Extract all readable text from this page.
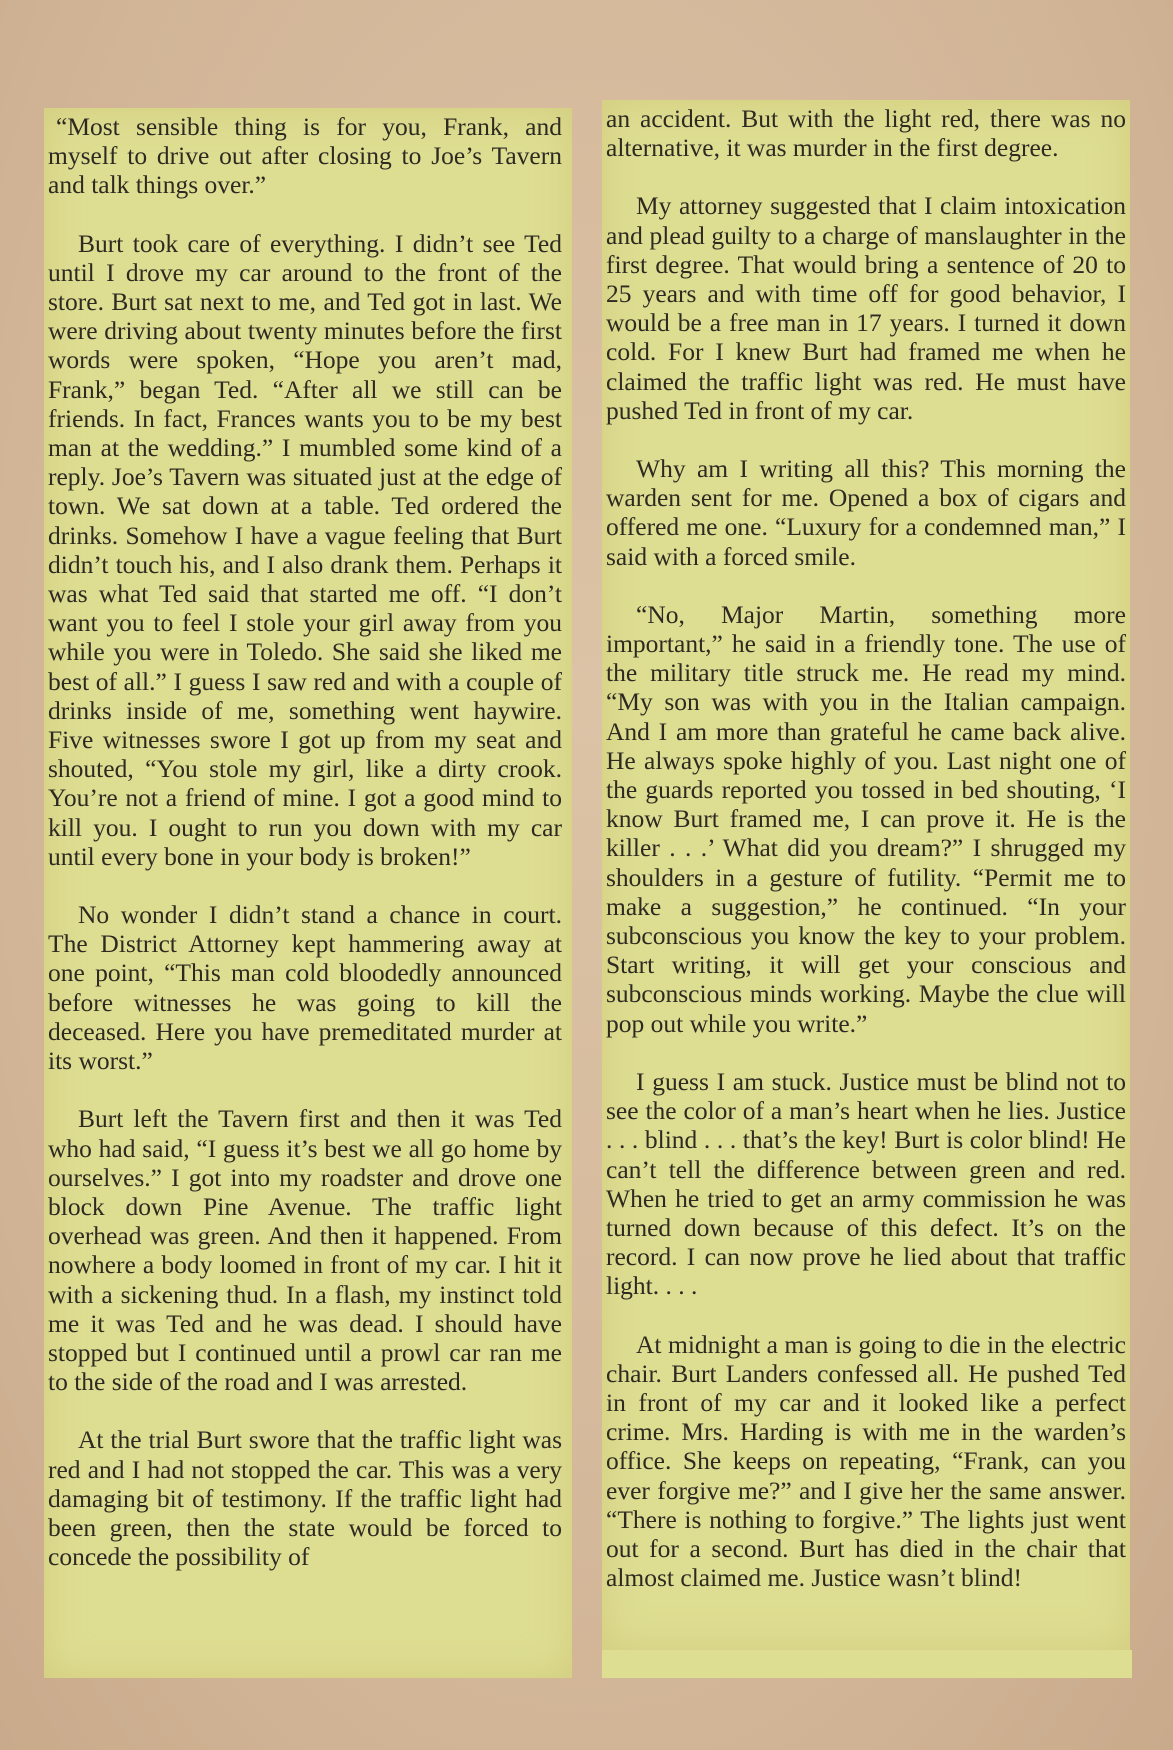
“Most sensible thing is for you, Frank, and myself to drive out after closing to Joe’s Tavern and talk things over.”

Burt took care of everything. I didn’t see Ted until I drove my car around to the front of the store. Burt sat next to me, and Ted got in last. We were driving about twenty minutes before the first words were spoken, “Hope you aren’t mad, Frank,” began Ted. “After all we still can be friends. In fact, Frances wants you to be my best man at the wedding.” I mumbled some kind of a reply. Joe’s Tavern was situated just at the edge of town. We sat down at a table. Ted ordered the drinks. Somehow I have a vague feeling that Burt didn’t touch his, and I also drank them. Perhaps it was what Ted said that started me off. “I don’t want you to feel I stole your girl away from you while you were in Toledo. She said she liked me best of all.” I guess I saw red and with a couple of drinks inside of me, something went haywire. Five witnesses swore I got up from my seat and shouted, “You stole my girl, like a dirty crook. You’re not a friend of mine. I got a good mind to kill you. I ought to run you down with my car until every bone in your body is broken!”

No wonder I didn’t stand a chance in court. The District Attorney kept hammering away at one point, “This man cold bloodedly announced before witnesses he was going to kill the deceased. Here you have premeditated murder at its worst.”

Burt left the Tavern first and then it was Ted who had said, “I guess it’s best we all go home by ourselves.” I got into my roadster and drove one block down Pine Avenue. The traffic light overhead was green. And then it happened. From nowhere a body loomed in front of my car. I hit it with a sickening thud. In a flash, my instinct told me it was Ted and he was dead. I should have stopped but I continued until a prowl car ran me to the side of the road and I was arrested.

At the trial Burt swore that the traffic light was red and I had not stopped the car. This was a very damaging bit of testimony. If the traffic light had been green, then the state would be forced to concede the possibility of

an accident. But with the light red, there was no alternative, it was murder in the first degree.

My attorney suggested that I claim intoxication and plead guilty to a charge of manslaughter in the first degree. That would bring a sentence of 20 to 25 years and with time off for good behavior, I would be a free man in 17 years. I turned it down cold. For I knew Burt had framed me when he claimed the traffic light was red. He must have pushed Ted in front of my car.

Why am I writing all this? This morning the warden sent for me. Opened a box of cigars and offered me one. “Luxury for a condemned man,” I said with a forced smile.

“No, Major Martin, something more important,” he said in a friendly tone. The use of the military title struck me. He read my mind. “My son was with you in the Italian campaign. And I am more than grateful he came back alive. He always spoke highly of you. Last night one of the guards reported you tossed in bed shouting, ‘I know Burt framed me, I can prove it. He is the killer . . .’ What did you dream?” I shrugged my shoulders in a gesture of futility. “Permit me to make a suggestion,” he continued. “In your subconscious you know the key to your problem. Start writing, it will get your conscious and subconscious minds working. Maybe the clue will pop out while you write.”

I guess I am stuck. Justice must be blind not to see the color of a man’s heart when he lies. Justice . . . blind . . . that’s the key! Burt is color blind! He can’t tell the difference between green and red. When he tried to get an army commission he was turned down because of this defect. It’s on the record. I can now prove he lied about that traffic light. . . .

At midnight a man is going to die in the electric chair. Burt Landers confessed all. He pushed Ted in front of my car and it looked like a perfect crime. Mrs. Harding is with me in the warden’s office. She keeps on repeating, “Frank, can you ever forgive me?” and I give her the same answer. “There is nothing to forgive.” The lights just went out for a second. Burt has died in the chair that almost claimed me. Justice wasn’t blind!
